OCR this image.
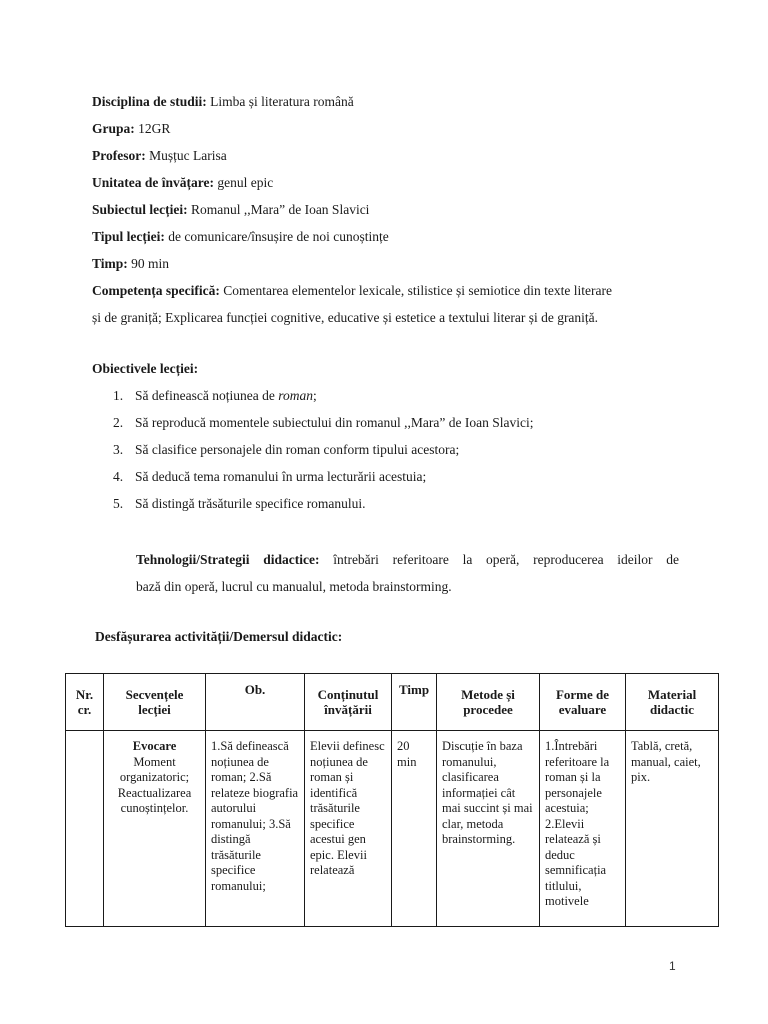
Disciplina de studii: Limba și literatura română
Grupa: 12GR
Profesor: Mușțuc Larisa
Unitatea de învățare: genul epic
Subiectul lecției: Romanul ,,Mara” de Ioan Slavici
Tipul lecției: de comunicare/însușire de noi cunoștințe
Timp: 90 min
Competența specifică: Comentarea elementelor lexicale, stilistice și semiotice din texte literare
și de graniță; Explicarea funcției cognitive, educative și estetice a textului literar și de graniță.
Obiectivele lecției:
1. Să definească noțiunea de roman;
2. Să reproducă momentele subiectului din romanul ,,Mara” de Ioan Slavici;
3. Să clasifice personajele din roman conform tipului acestora;
4. Să deducă tema romanului în urma lecturării acestuia;
5. Să distingă trăsăturile specifice romanului.
Tehnologii/Strategii didactice: întrebări referitoare la operă, reproducerea ideilor de
bază din operă, lucrul cu manualul, metoda brainstorming.
Desfășurarea activității/Demersul didactic:
Nr. cr.	Secvențele lecției	Ob.	Conținutul învățării	Timp	Metode și procedee	Forme de evaluare	Material didactic

	Evocare
Moment organizatoric; Reactualizarea cunoștințelor.	1.Să definească noțiunea de roman; 2.Să relateze biografia autorului romanului; 3.Să distingă trăsăturile specifice romanului;	Elevii definesc noțiunea de roman și identifică trăsăturile specifice acestui gen epic. Elevii relatează	20 min	Discuție în baza romanului, clasificarea informației cât mai succint și mai clar, metoda brainstorming.	1.Întrebări referitoare la roman și la personajele acestuia; 2.Elevii relatează și deduc semnificația titlului, motivele	Tablă, cretă, manual, caiet, pix.
1
